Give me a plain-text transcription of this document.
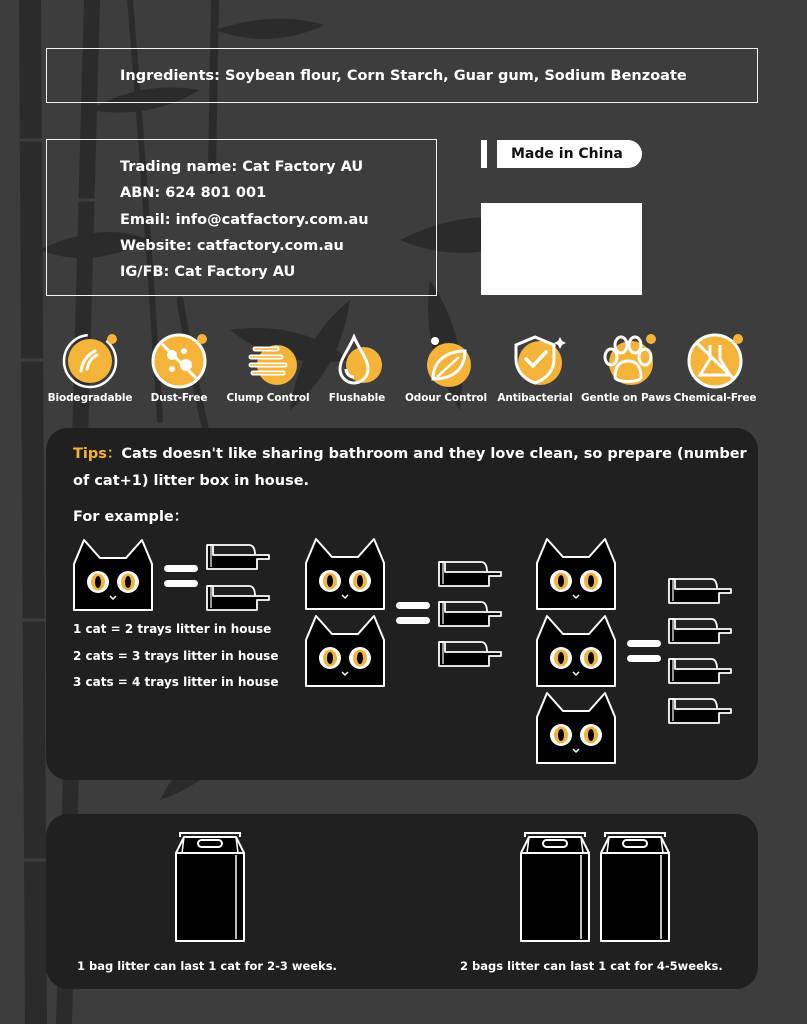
Ingredients: Soybean flour, Corn Starch, Guar gum, Sodium Benzoate
Trading name: Cat Factory AU
ABN: 624 801 001
Email: info@catfactory.com.au
Website: catfactory.com.au
IG/FB: Cat Factory AU
Made in China
Biodegradable	Dust-Free	Clump Control	Flushable	Odour Control Antibacterial Gentle on Paws Chemical-Free
Tips：Cats doesn't like sharing bathroom and they love clean, so prepare (number of cat+1) litter box in house.
For example：
1 cat = 2 trays litter in house
2 cats = 3 trays litter in house
3 cats = 4 trays litter in house
1 bag litter can last 1 cat for 2-3 weeks.	2 bags litter can last 1 cat for 4-5weeks.
